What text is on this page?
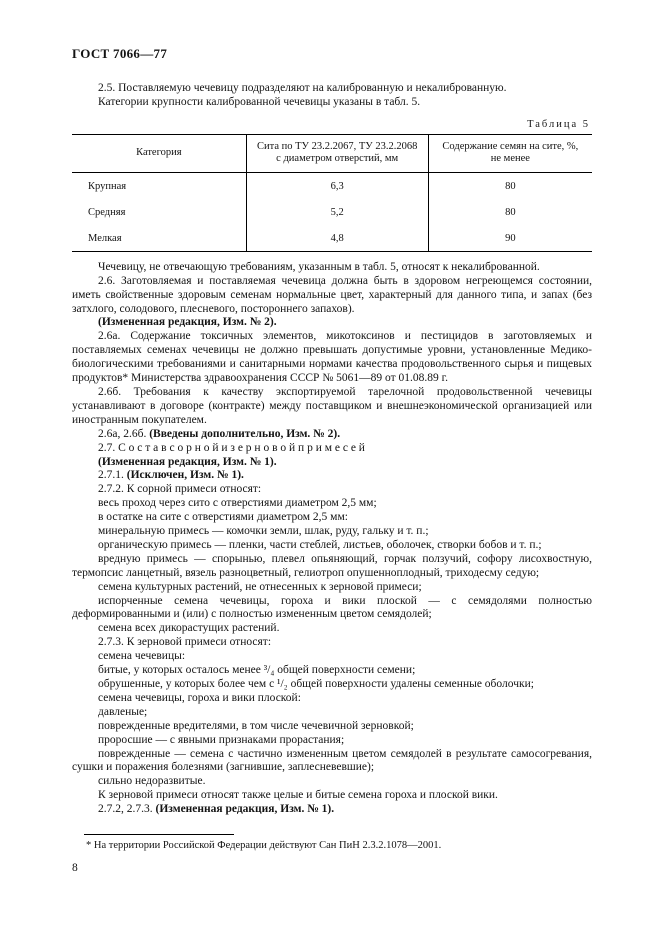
ГОСТ 7066—77

2.5. Поставляемую чечевицу подразделяют на калиброванную и некалиброванную.

Категории крупности калиброванной чечевицы указаны в табл. 5.

Таблица 5
Категория	Сита по ТУ 23.2.2067, ТУ 23.2.2068 с диаметром отверстий, мм	Содержание семян на сите, %, не менее
Крупная	6,3	80
Средняя	5,2	80
Мелкая	4,8	90

Чечевицу, не отвечающую требованиям, указанным в табл. 5, относят к некалиброванной.

2.6. Заготовляемая и поставляемая чечевица должна быть в здоровом негреющемся состоянии, иметь свойственные здоровым семенам нормальные цвет, характерный для данного типа, и запах (без затхлого, солодового, плесневого, постороннего запахов).

(Измененная редакция, Изм. № 2).

2.6а. Содержание токсичных элементов, микотоксинов и пестицидов в заготовляемых и поставляемых семенах чечевицы не должно превышать допустимые уровни, установленные Медико-биологическими требованиями и санитарными нормами качества продовольственного сырья и пищевых продуктов* Министерства здравоохранения СССР № 5061—89 от 01.08.89 г.

2.6б. Требования к качеству экспортируемой тарелочной продовольственной чечевицы устанавливают в договоре (контракте) между поставщиком и внешнеэкономической организацией или иностранным покупателем.

2.6а, 2.6б. (Введены дополнительно, Изм. № 2).

2.7. С о с т а в с о р н о й и з е р н о в о й п р и м е с е й

(Измененная редакция, Изм. № 1).

2.7.1. (Исключен, Изм. № 1).

2.7.2. К сорной примеси относят:

весь проход через сито с отверстиями диаметром 2,5 мм;

в остатке на сите с отверстиями диаметром 2,5 мм:

минеральную примесь — комочки земли, шлак, руду, гальку и т. п.;

органическую примесь — пленки, части стеблей, листьев, оболочек, створки бобов и т. п.;

вредную примесь — спорынью, плевел опьяняющий, горчак ползучий, софору лисохвостную, термопсис ланцетный, вязель разноцветный, гелиотроп опушенноплодный, триходесму седую;

семена культурных растений, не отнесенных к зерновой примеси;

испорченные семена чечевицы, гороха и вики плоской — с семядолями полностью деформированными и (или) с полностью измененным цветом семядолей;

семена всех дикорастущих растений.

2.7.3. К зерновой примеси относят:

семена чечевицы:

битые, у которых осталось менее ³/₄ общей поверхности семени;

обрушенные, у которых более чем с ¹/₂ общей поверхности удалены семенные оболочки;

семена чечевицы, гороха и вики плоской:

давленые;

поврежденные вредителями, в том числе чечевичной зерновкой;

проросшие — с явными признаками прорастания;

поврежденные — семена с частично измененным цветом семядолей в результате самосогревания, сушки и поражения болезнями (загнившие, заплесневевшие);

сильно недоразвитые.

К зерновой примеси относят также целые и битые семена гороха и плоской вики.

2.7.2, 2.7.3. (Измененная редакция, Изм. № 1).

* На территории Российской Федерации действуют Сан ПиН 2.3.2.1078—2001.

8
